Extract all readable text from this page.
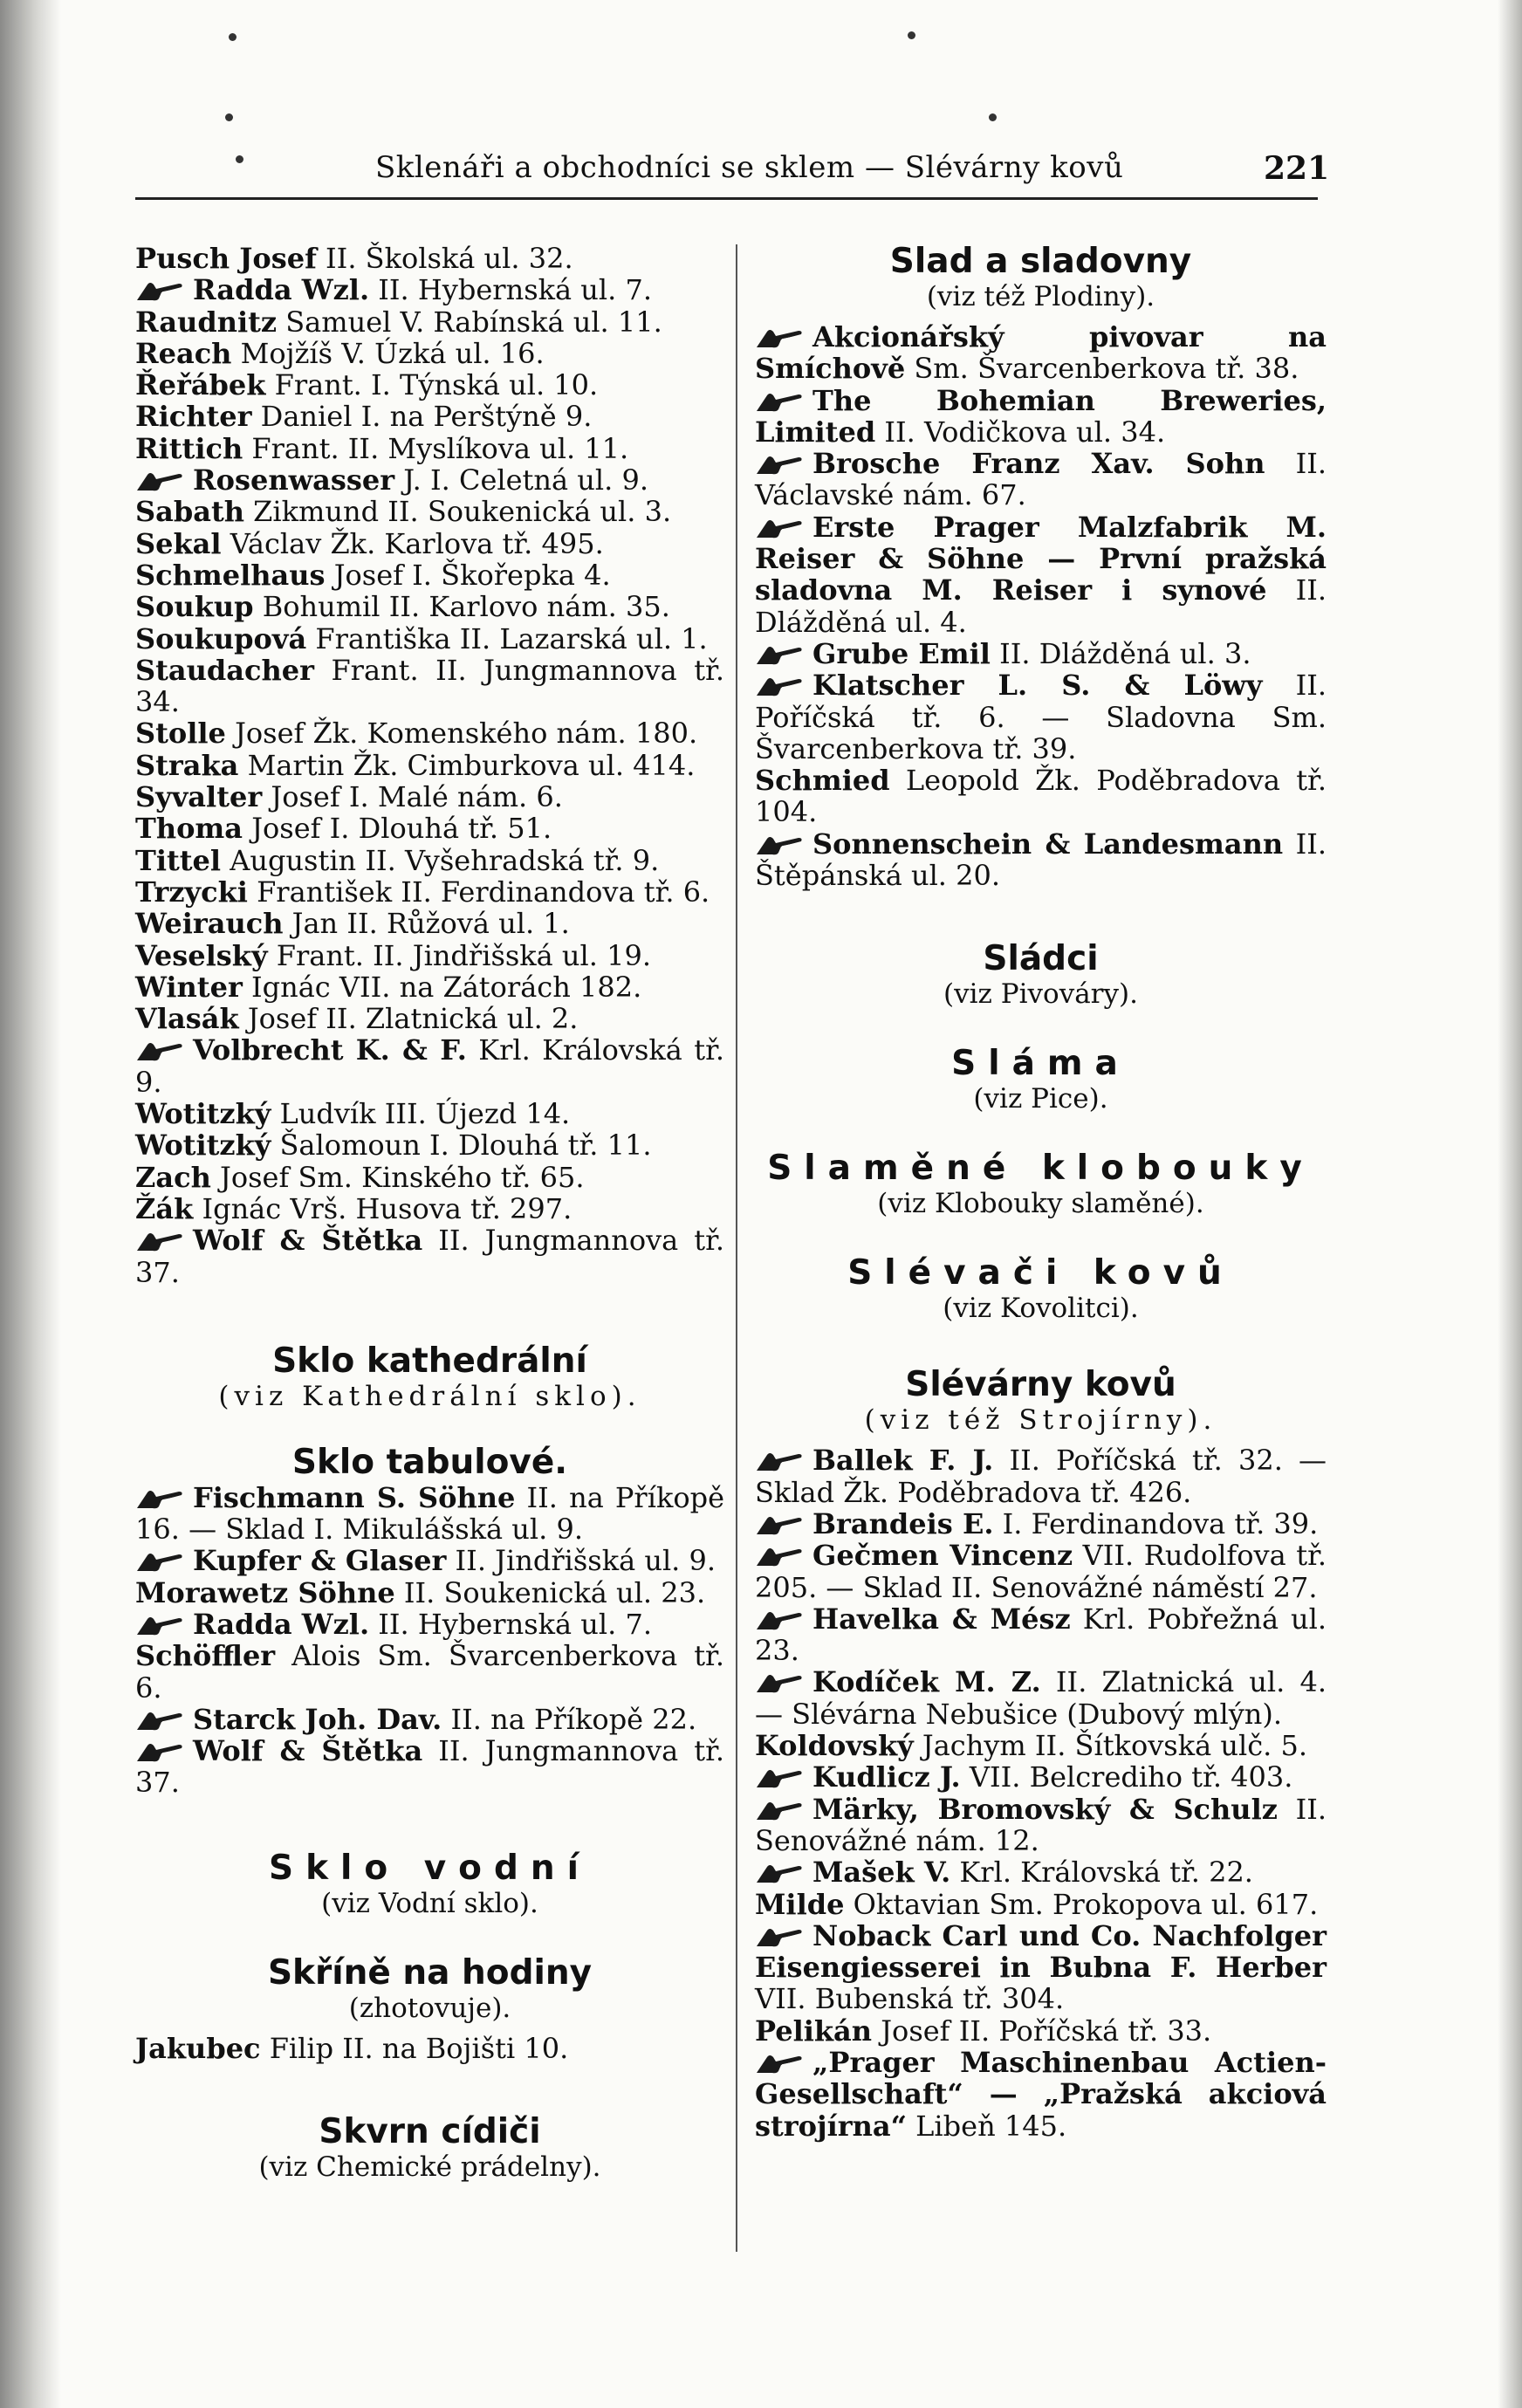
Sklenáři a obchodníci se sklem — Slévárny kovů	221
Pusch Josef II. Školská ul. 32.
Radda Wzl. II. Hybernská ul. 7.
Raudnitz Samuel V. Rabínská ul. 11.
Reach Mojžíš V. Úzká ul. 16.
Řeřábek Frant. I. Týnská ul. 10.
Richter Daniel I. na Perštýně 9.
Rittich Frant. II. Myslíkova ul. 11.
Rosenwasser J. I. Celetná ul. 9.
Sabath Zikmund II. Soukenická ul. 3.
Sekal Václav Žk. Karlova tř. 495.
Schmelhaus Josef I. Škořepka 4.
Soukup Bohumil II. Karlovo nám. 35.
Soukupová Františka II. Lazarská ul. 1.
Staudacher Frant. II. Jungmannova tř. 34.
Stolle Josef Žk. Komenského nám. 180.
Straka Martin Žk. Cimburkova ul. 414.
Syvalter Josef I. Malé nám. 6.
Thoma Josef I. Dlouhá tř. 51.
Tittel Augustin II. Vyšehradská tř. 9.
Trzycki František II. Ferdinandova tř. 6.
Weirauch Jan II. Růžová ul. 1.
Veselský Frant. II. Jindřišská ul. 19.
Winter Ignác VII. na Zátorách 182.
Vlasák Josef II. Zlatnická ul. 2.
Volbrecht K. & F. Krl. Královská tř. 9.
Wotitzký Ludvík III. Újezd 14.
Wotitzký Šalomoun I. Dlouhá tř. 11.
Zach Josef Sm. Kinského tř. 65.
Žák Ignác Vrš. Husova tř. 297.
Wolf & Štětka II. Jungmannova tř. 37.
Sklo kathedrální
(viz Kathedrální sklo).
Sklo tabulové.
Fischmann S. Söhne II. na Příkopě 16. — Sklad I. Mikulášská ul. 9.
Kupfer & Glaser II. Jindřišská ul. 9.
Morawetz Söhne II. Soukenická ul. 23.
Radda Wzl. II. Hybernská ul. 7.
Schöffler Alois Sm. Švarcenberkova tř. 6.
Starck Joh. Dav. II. na Příkopě 22.
Wolf & Štětka II. Jungmannova tř. 37.
Sklo vodní
(viz Vodní sklo).
Skříně na hodiny
(zhotovuje).
Jakubec Filip II. na Bojišti 10.
Skvrn cídiči
(viz Chemické prádelny).
Slad a sladovny
(viz též Plodiny).
Akcionářský pivovar na Smíchově Sm. Švarcenberkova tř. 38.
The Bohemian Breweries, Limited II. Vodičkova ul. 34.
Brosche Franz Xav. Sohn II. Václavské nám. 67.
Erste Prager Malzfabrik M. Reiser & Söhne — První pražská sladovna M. Reiser i synové II. Dlážděná ul. 4.
Grube Emil II. Dlážděná ul. 3.
Klatscher L. S. & Löwy II. Poříčská tř. 6. — Sladovna Sm. Švarcenberkova tř. 39.
Schmied Leopold Žk. Poděbradova tř. 104.
Sonnenschein & Landesmann II. Štěpánská ul. 20.
Sládci
(viz Pivováry).
Sláma
(viz Pice).
Slaměné klobouky
(viz Klobouky slaměné).
Slévači kovů
(viz Kovolitci).
Slévárny kovů
(viz též Strojírny).
Ballek F. J. II. Poříčská tř. 32. — Sklad Žk. Poděbradova tř. 426.
Brandeis E. I. Ferdinandova tř. 39.
Gečmen Vincenz VII. Rudolfova tř. 205. — Sklad II. Senovážné náměstí 27.
Havelka & Mész Krl. Pobřežná ul. 23.
Kodíček M. Z. II. Zlatnická ul. 4. — Slévárna Nebušice (Dubový mlýn).
Koldovský Jachym II. Šítkovská ulč. 5.
Kudlicz J. VII. Belcrediho tř. 403.
Märky, Bromovský & Schulz II. Senovážné nám. 12.
Mašek V. Krl. Královská tř. 22.
Milde Oktavian Sm. Prokopova ul. 617.
Noback Carl und Co. Nachfolger Eisengiesserei in Bubna F. Herber VII. Bubenská tř. 304.
Pelikán Josef II. Poříčská tř. 33.
„Prager Maschinenbau Actien-Gesellschaft“ — „Pražská akciová strojírna“ Libeň 145.
